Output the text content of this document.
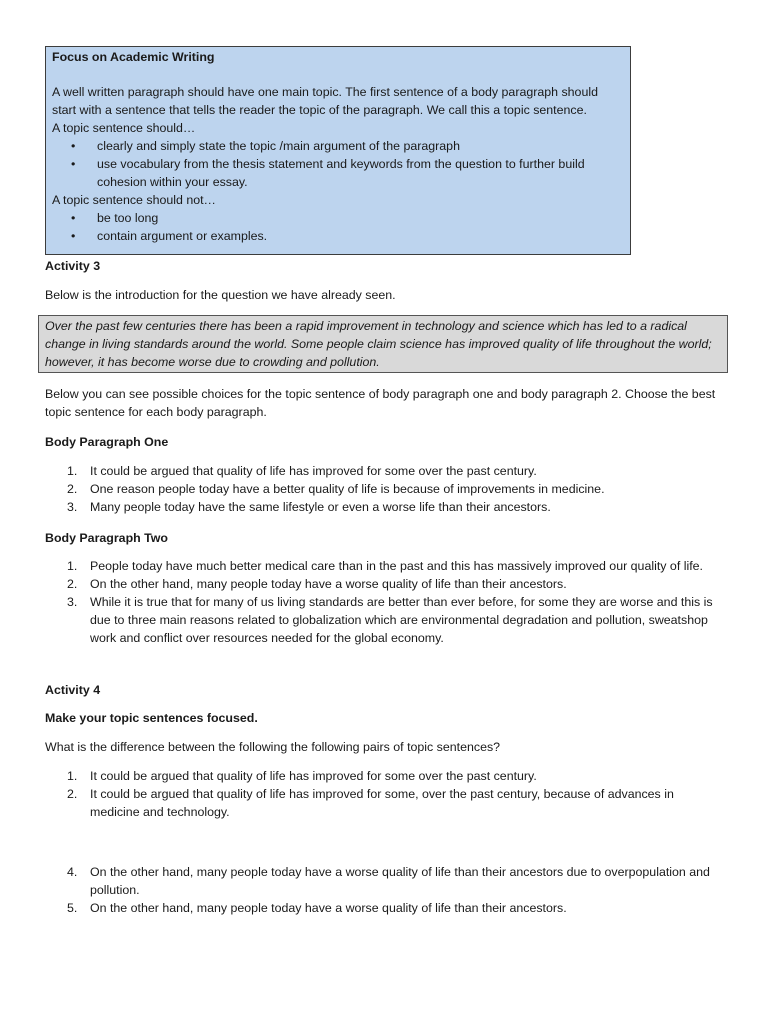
Focus on Academic Writing

A well written paragraph should have one main topic. The first sentence of a body paragraph should

start with a sentence that tells the reader the topic of the paragraph. We call this a topic sentence.

A topic sentence should…

• clearly and simply state the topic /main argument of the paragraph
• use vocabulary from the thesis statement and keywords from the question to further build cohesion within your essay.

A topic sentence should not…

• be too long
• contain argument or examples.
Activity 3
Below is the introduction for the question we have already seen.
Over the past few centuries there has been a rapid improvement in technology and science which has led to a radical change in living standards around the world. Some people claim science has improved quality of life throughout the world; however, it has become worse due to crowding and pollution.
Below you can see possible choices for the topic sentence of body paragraph one and body paragraph 2. Choose the best topic sentence for each body paragraph.
Body Paragraph One
1. It could be argued that quality of life has improved for some over the past century.
2. One reason people today have a better quality of life is because of improvements in medicine.
3. Many people today have the same lifestyle or even a worse life than their ancestors.
Body Paragraph Two
1. People today have much better medical care than in the past and this has massively improved our quality of life.
2. On the other hand, many people today have a worse quality of life than their ancestors.
3. While it is true that for many of us living standards are better than ever before, for some they are worse and this is due to three main reasons related to globalization which are environmental degradation and pollution, sweatshop work and conflict over resources needed for the global economy.
Activity 4
Make your topic sentences focused.
What is the difference between the following the following pairs of topic sentences?
1. It could be argued that quality of life has improved for some over the past century.
2. It could be argued that quality of life has improved for some, over the past century, because of advances in medicine and technology.
4. On the other hand, many people today have a worse quality of life than their ancestors due to overpopulation and pollution.
5. On the other hand, many people today have a worse quality of life than their ancestors.
